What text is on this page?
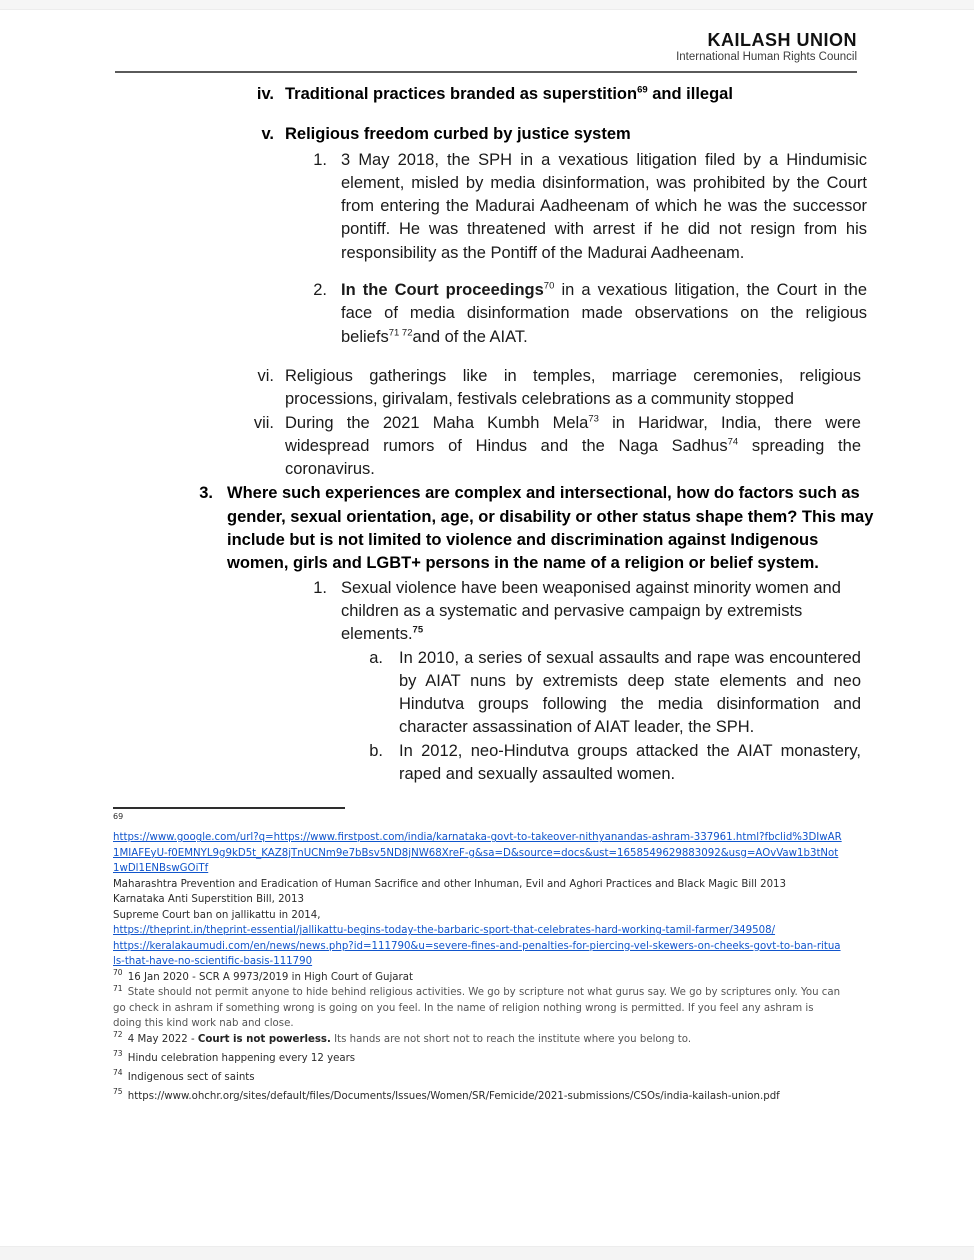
KAILASH UNION
International Human Rights Council
iv. Traditional practices branded as superstition$^{69}$ and illegal
v. Religious freedom curbed by justice system
1. 3 May 2018, the SPH in a vexatious litigation filed by a Hindumisic element, misled by media disinformation, was prohibited by the Court from entering the Madurai Aadheenam of which he was the successor pontiff. He was threatened with arrest if he did not resign from his responsibility as the Pontiff of the Madurai Aadheenam.
2. In the Court proceedings$^{70}$ in a vexatious litigation, the Court in the face of media disinformation made observations on the religious beliefs$^{71 72}$and of the AIAT.
vi. Religious gatherings like in temples, marriage ceremonies, religious processions, girivalam, festivals celebrations as a community stopped
vii. During the 2021 Maha Kumbh Mela$^{73}$ in Haridwar, India, there were widespread rumors of Hindus and the Naga Sadhus$^{74}$ spreading the coronavirus.
3. Where such experiences are complex and intersectional, how do factors such as gender, sexual orientation, age, or disability or other status shape them? This may include but is not limited to violence and discrimination against Indigenous women, girls and LGBT+ persons in the name of a religion or belief system.
1. Sexual violence have been weaponised against minority women and children as a systematic and pervasive campaign by extremists elements.$^{75}$
a. In 2010, a series of sexual assaults and rape was encountered by AIAT nuns by extremists deep state elements and neo Hindutva groups following the media disinformation and character assassination of AIAT leader, the SPH.
b. In 2012, neo-Hindutva groups attacked the AIAT monastery, raped and sexually assaulted women.
$^{69}$
https://www.google.com/url?q=https://www.firstpost.com/india/karnataka-govt-to-takeover-nithyanandas-ashram-337961.html?fbclid%3DIwAR1MIAFEyU-f0EMNYL9g9kD5t_KAZ8jTnUCNm9e7bBsv5ND8jNW68XreF-g&sa=D&source=docs&ust=1658549629883092&usg=AOvVaw1b3tNot1wDl1ENBswGOiTf
Maharashtra Prevention and Eradication of Human Sacrifice and other Inhuman, Evil and Aghori Practices and Black Magic Bill 2013
Karnataka Anti Superstition Bill, 2013
Supreme Court ban on jallikattu in 2014,
https://theprint.in/theprint-essential/jallikattu-begins-today-the-barbaric-sport-that-celebrates-hard-working-tamil-farmer/349508/
https://keralakaumudi.com/en/news/news.php?id=111790&u=severe-fines-and-penalties-for-piercing-vel-skewers-on-cheeks-govt-to-ban-rituals-that-have-no-scientific-basis-111790
$^{70}$ 16 Jan 2020 - SCR A 9973/2019 in High Court of Gujarat
$^{71}$ State should not permit anyone to hide behind religious activities. We go by scripture not what gurus say. We go by scriptures only. You can go check in ashram if something wrong is going on you feel. In the name of religion nothing wrong is permitted. If you feel any ashram is doing this kind work nab and close.
$^{72}$ 4 May 2022 - Court is not powerless. Its hands are not short not to reach the institute where you belong to.
$^{73}$ Hindu celebration happening every 12 years
$^{74}$ Indigenous sect of saints
$^{75}$ https://www.ohchr.org/sites/default/files/Documents/Issues/Women/SR/Femicide/2021-submissions/CSOs/india-kailash-union.pdf
